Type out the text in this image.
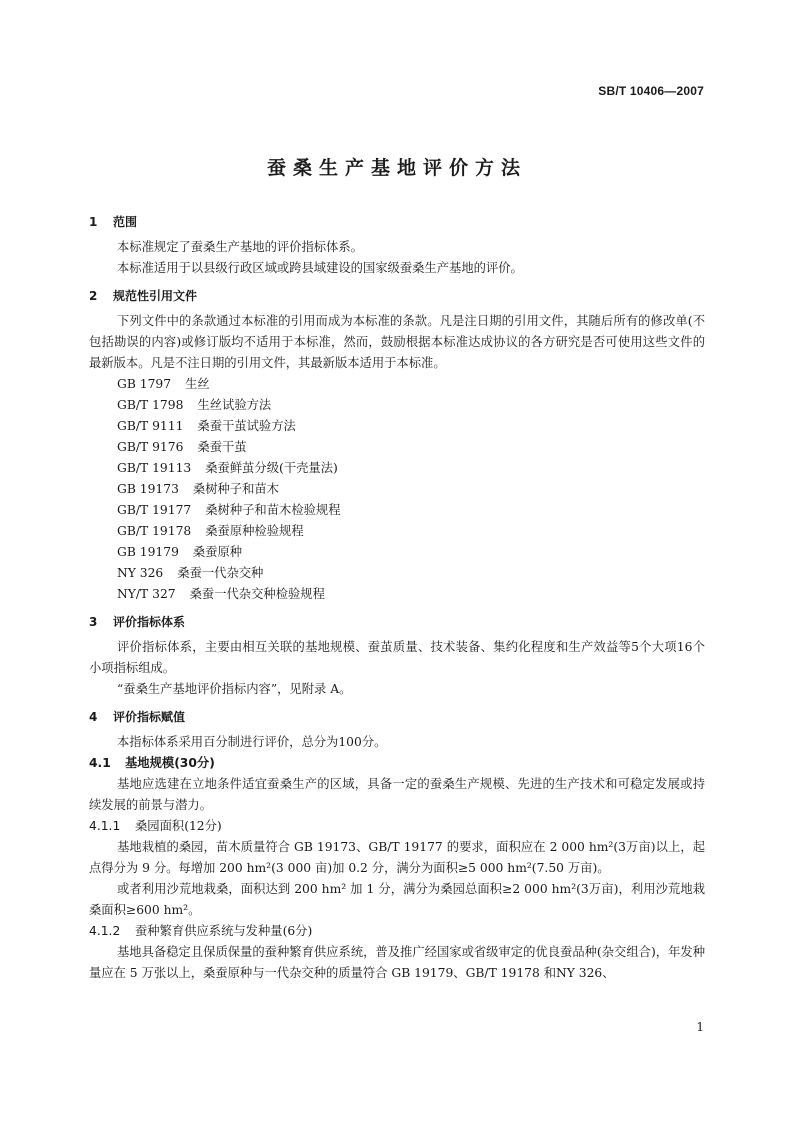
SB/T 10406—2007
蚕桑生产基地评价方法
1 范围
本标准规定了蚕桑生产基地的评价指标体系。
本标准适用于以县级行政区域或跨县域建设的国家级蚕桑生产基地的评价。
2 规范性引用文件
下列文件中的条款通过本标准的引用而成为本标准的条款。凡是注日期的引用文件，其随后所有的修改单(不包括勘误的内容)或修订版均不适用于本标准，然而，鼓励根据本标准达成协议的各方研究是否可使用这些文件的最新版本。凡是不注日期的引用文件，其最新版本适用于本标准。
GB 1797 生丝
GB/T 1798 生丝试验方法
GB/T 9111 桑蚕干茧试验方法
GB/T 9176 桑蚕干茧
GB/T 19113 桑蚕鲜茧分级(干壳量法)
GB 19173 桑树种子和苗木
GB/T 19177 桑树种子和苗木检验规程
GB/T 19178 桑蚕原种检验规程
GB 19179 桑蚕原种
NY 326 桑蚕一代杂交种
NY/T 327 桑蚕一代杂交种检验规程
3 评价指标体系
评价指标体系，主要由相互关联的基地规模、蚕茧质量、技术装备、集约化程度和生产效益等5个大项16个小项指标组成。
“蚕桑生产基地评价指标内容”，见附录 A。
4 评价指标赋值
本指标体系采用百分制进行评价，总分为100分。
4.1 基地规模(30分)
基地应选建在立地条件适宜蚕桑生产的区域，具备一定的蚕桑生产规模、先进的生产技术和可稳定发展或持续发展的前景与潜力。
4.1.1 桑园面积(12分)
基地栽植的桑园，苗木质量符合 GB 19173、GB/T 19177 的要求，面积应在 2 000 hm²(3万亩)以上，起点得分为 9 分。每增加 200 hm²(3 000 亩)加 0.2 分，满分为面积≥5 000 hm²(7.50 万亩)。
或者利用沙荒地栽桑，面积达到 200 hm² 加 1 分，满分为桑园总面积≥2 000 hm²(3万亩)，利用沙荒地栽桑面积≥600 hm²。
4.1.2 蚕种繁育供应系统与发种量(6分)
基地具备稳定且保质保量的蚕种繁育供应系统，普及推广经国家或省级审定的优良蚕品种(杂交组合)，年发种量应在 5 万张以上，桑蚕原种与一代杂交种的质量符合 GB 19179、GB/T 19178 和NY 326、
1
